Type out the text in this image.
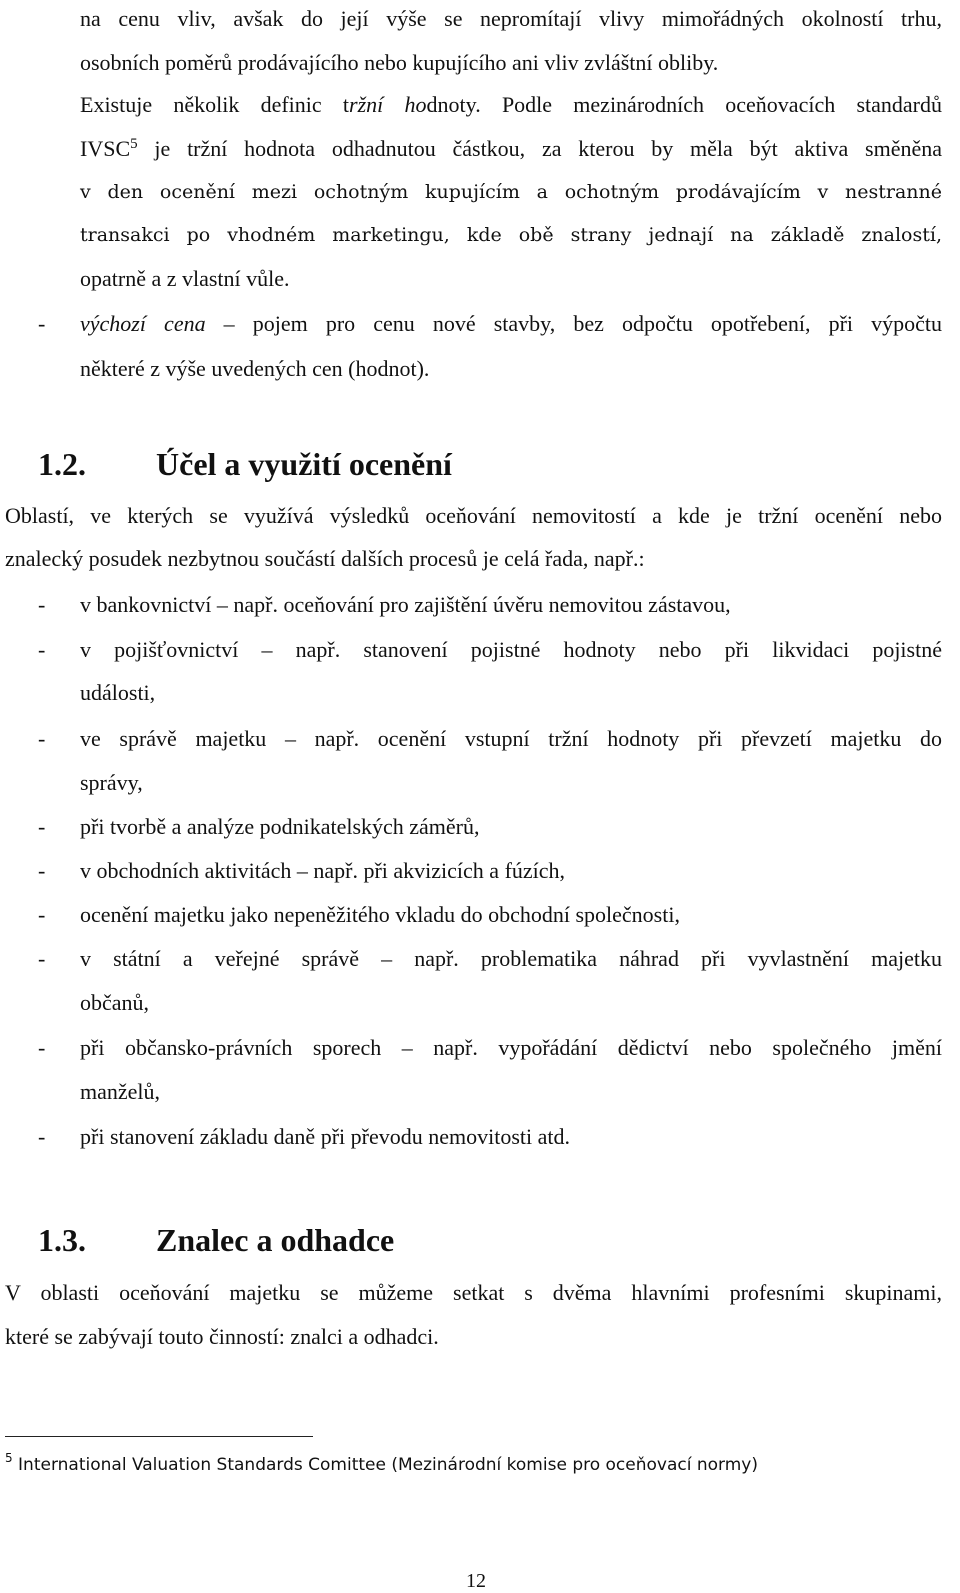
na cenu vliv, avšak do její výše se nepromítají vlivy mimořádných okolností trhu,
osobních poměrů prodávajícího nebo kupujícího ani vliv zvláštní obliby.
Existuje několik definic tržní hodnoty. Podle mezinárodních oceňovacích standardů
IVSC$^5$ je tržní hodnota odhadnutou částkou, za kterou by měla být aktiva směněna
v den ocenění mezi ochotným kupujícím a ochotným prodávajícím v nestranné
transakci po vhodném marketingu, kde obě strany jednají na základě znalostí,
opatrně a z vlastní vůle.
- výchozí cena – pojem pro cenu nové stavby, bez odpočtu opotřebení, při výpočtu
některé z výše uvedených cen (hodnot).
1.2. Účel a využití ocenění
Oblastí, ve kterých se využívá výsledků oceňování nemovitostí a kde je tržní ocenění nebo
znalecký posudek nezbytnou součástí dalších procesů je celá řada, např.:
- v bankovnictví – např. oceňování pro zajištění úvěru nemovitou zástavou,
- v pojišťovnictví – např. stanovení pojistné hodnoty nebo při likvidaci pojistné
události,
- ve správě majetku – např. ocenění vstupní tržní hodnoty při převzetí majetku do
správy,
- při tvorbě a analýze podnikatelských záměrů,
- v obchodních aktivitách – např. při akvizicích a fúzích,
- ocenění majetku jako nepeněžitého vkladu do obchodní společnosti,
- v státní a veřejné správě – např. problematika náhrad při vyvlastnění majetku
občanů,
- při občansko-právních sporech – např. vypořádání dědictví nebo společného jmění
manželů,
- při stanovení základu daně při převodu nemovitosti atd.
1.3. Znalec a odhadce
V oblasti oceňování majetku se můžeme setkat s dvěma hlavními profesními skupinami,
které se zabývají touto činností: znalci a odhadci.
$^5$ International Valuation Standards Comittee (Mezinárodní komise pro oceňovací normy)
12
